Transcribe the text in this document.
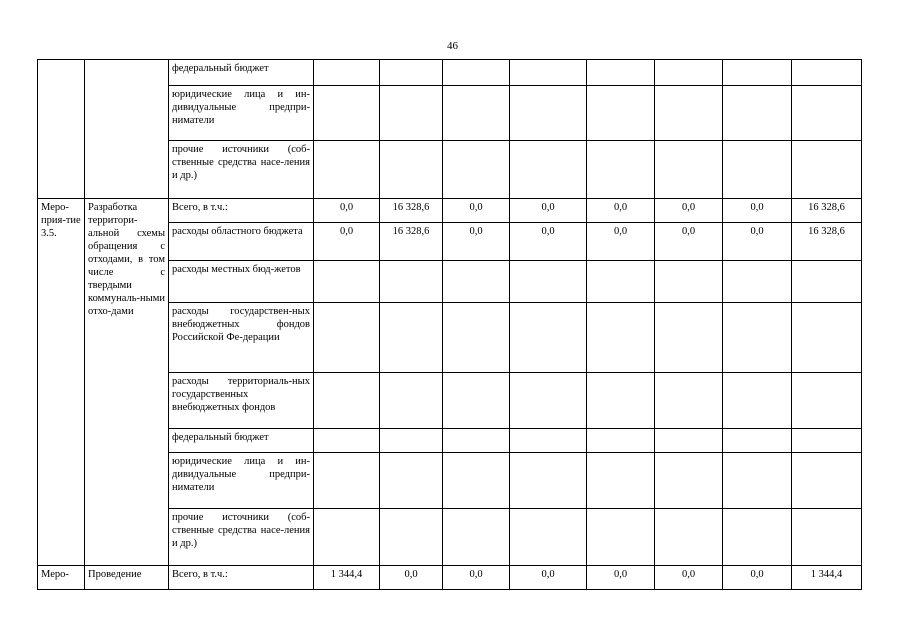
46
		федеральный бюджет								
		юридические лица и ин-дивидуальные предпри-ниматели								
		прочие источники (соб-ственные средства насе-ления и др.)								
Меро-прия-тие 3.5.	Разработка территори-альной схемы обращения с отходами, в том числе с твердыми коммуналь-ными отхо-дами	Всего, в т.ч.:	0,0	16 328,6	0,0	0,0	0,0	0,0	0,0	16 328,6
		расходы областного бюджета	0,0	16 328,6	0,0	0,0	0,0	0,0	0,0	16 328,6
		расходы местных бюд-жетов								
		расходы государствен-ных внебюджетных фондов Российской Фе-дерации								
		расходы территориаль-ных государственных внебюджетных фондов								
		федеральный бюджет								
		юридические лица и ин-дивидуальные предпри-ниматели								
		прочие источники (соб-ственные средства насе-ления и др.)								
Меро-	Проведение	Всего, в т.ч.:	1 344,4	0,0	0,0	0,0	0,0	0,0	0,0	1 344,4
